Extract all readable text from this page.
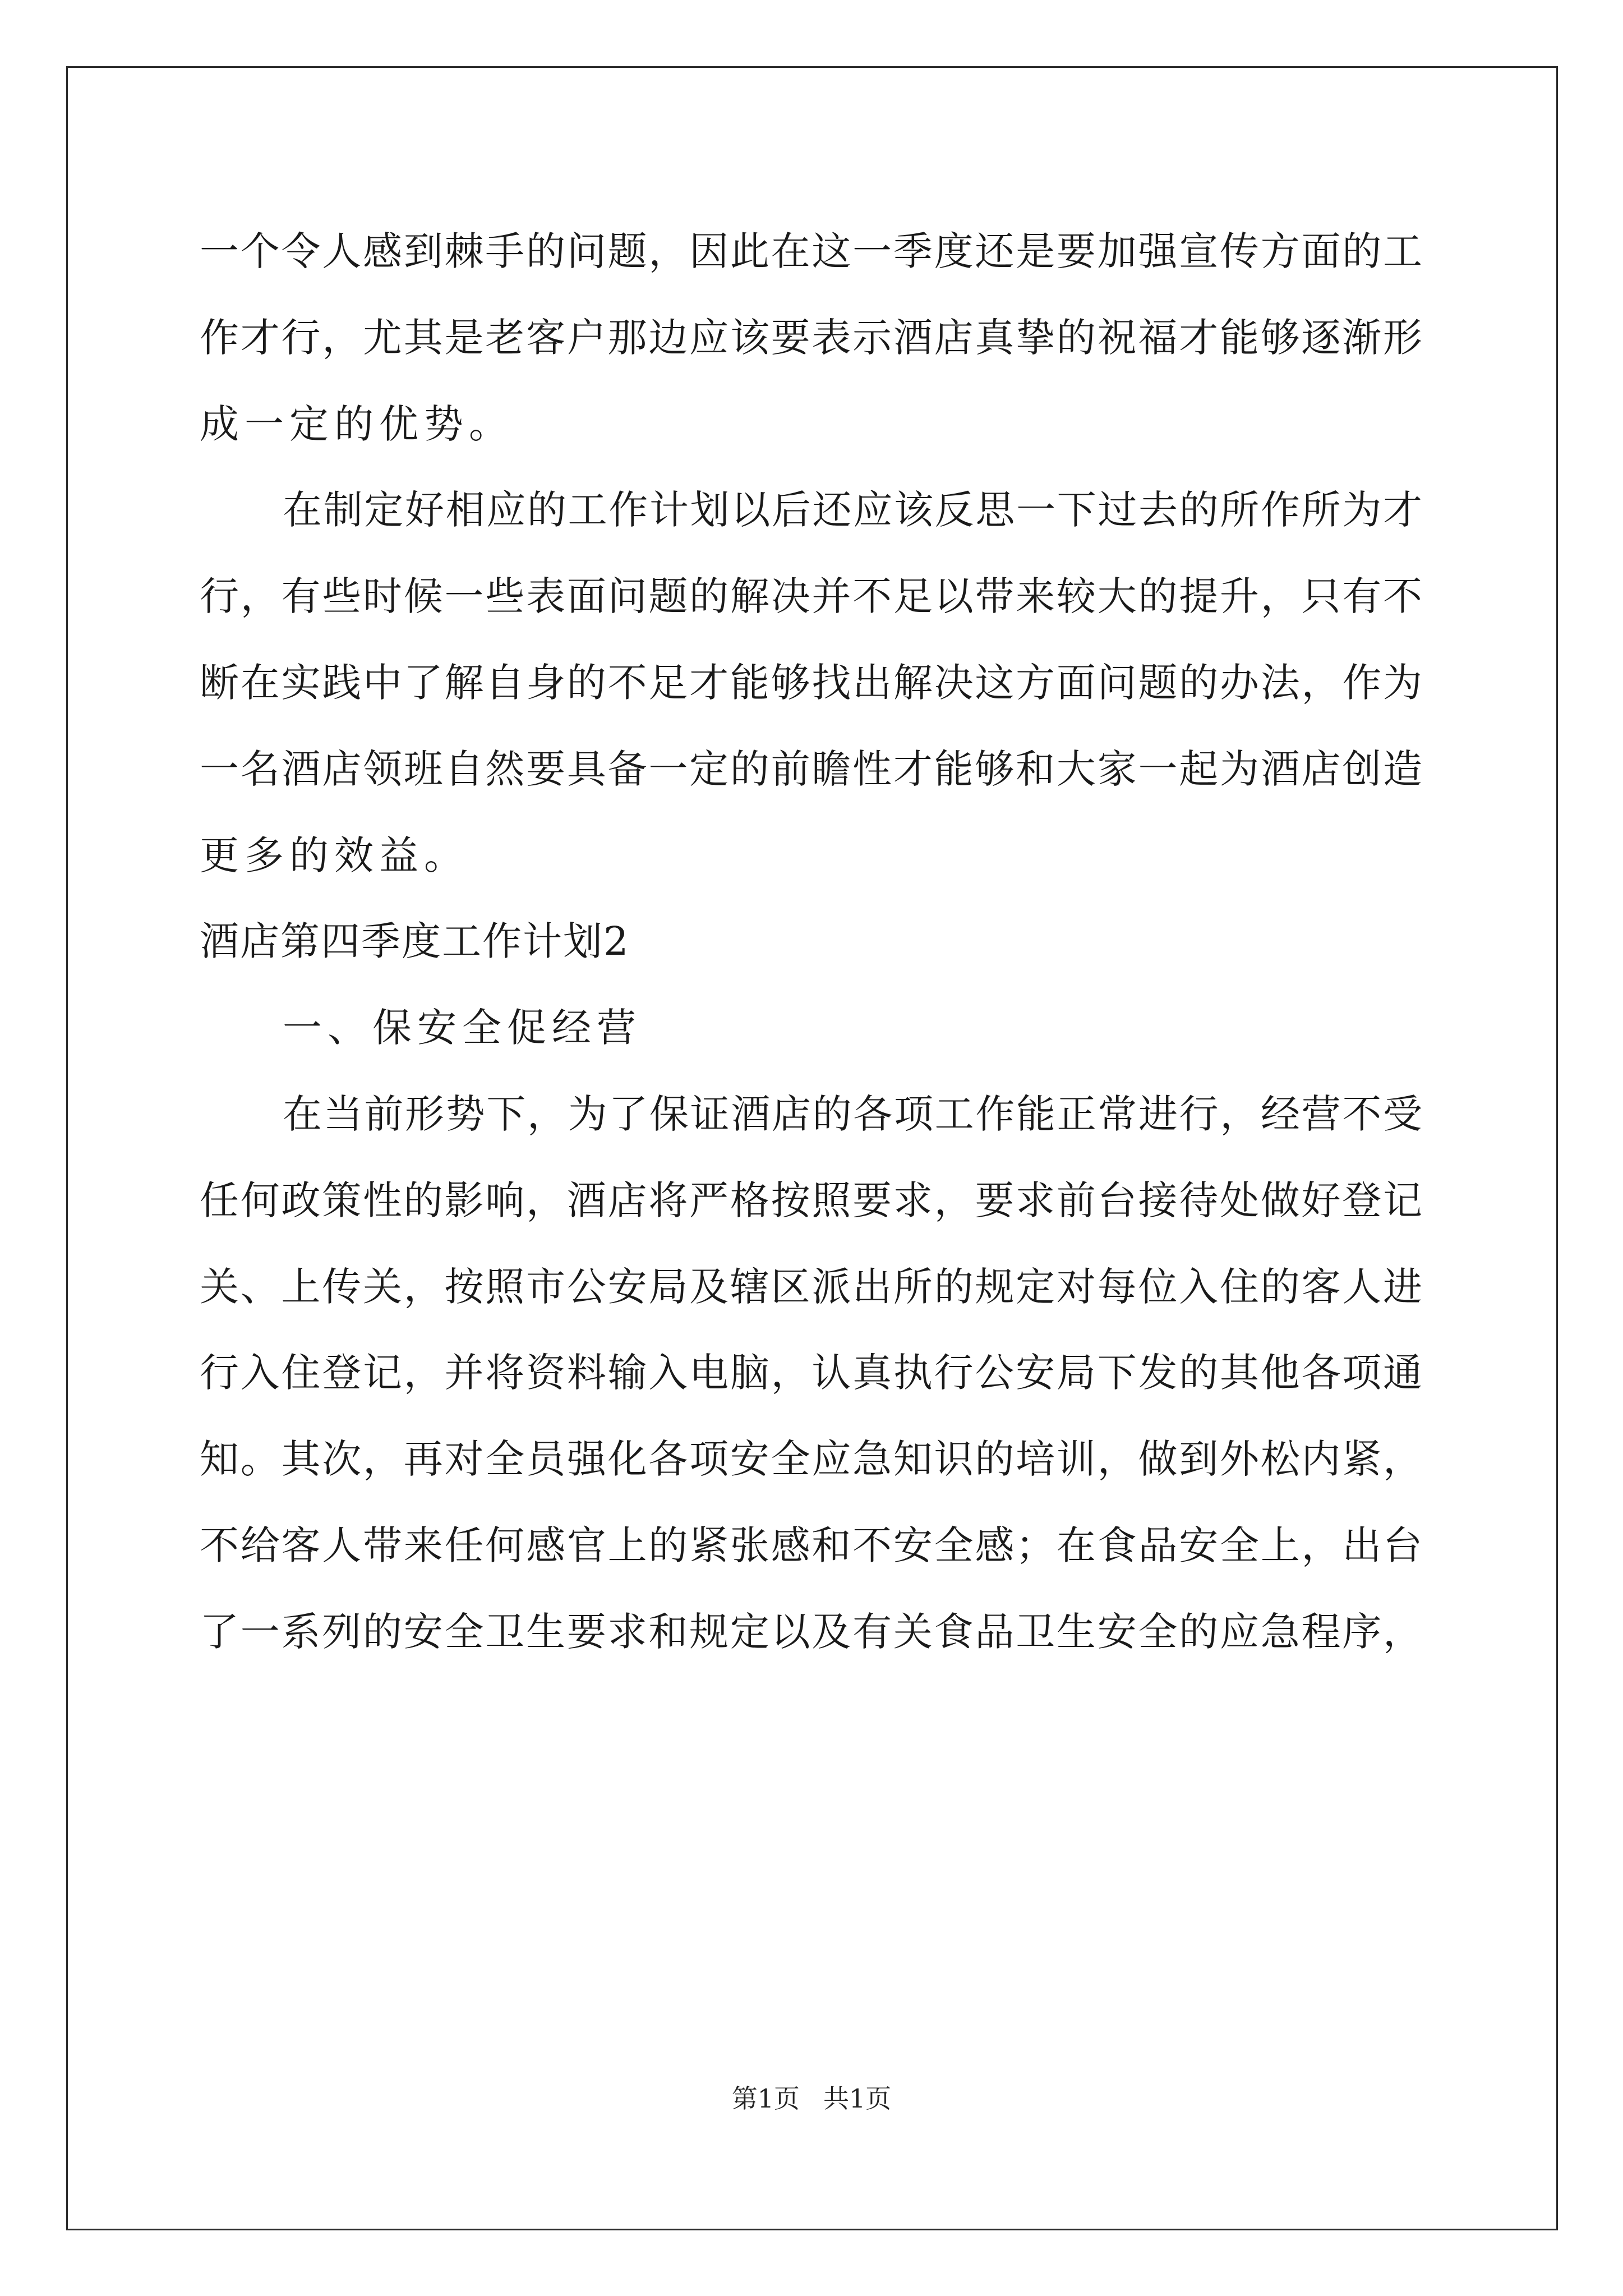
一个令人感到棘手的问题，因此在这一季度还是要加强宣传方面的工
作才行，尤其是老客户那边应该要表示酒店真挚的祝福才能够逐渐形
成一定的优势。
在制定好相应的工作计划以后还应该反思一下过去的所作所为才
行，有些时候一些表面问题的解决并不足以带来较大的提升，只有不
断在实践中了解自身的不足才能够找出解决这方面问题的办法，作为
一名酒店领班自然要具备一定的前瞻性才能够和大家一起为酒店创造
更多的效益。
酒店第四季度工作计划2
一、保安全促经营
在当前形势下，为了保证酒店的各项工作能正常进行，经营不受
任何政策性的影响，酒店将严格按照要求，要求前台接待处做好登记
关、上传关，按照市公安局及辖区派出所的规定对每位入住的客人进
行入住登记，并将资料输入电脑，认真执行公安局下发的其他各项通
知。其次，再对全员强化各项安全应急知识的培训，做到外松内紧，
不给客人带来任何感官上的紧张感和不安全感；在食品安全上，出台
了一系列的安全卫生要求和规定以及有关食品卫生安全的应急程序，
第1页 共1页
